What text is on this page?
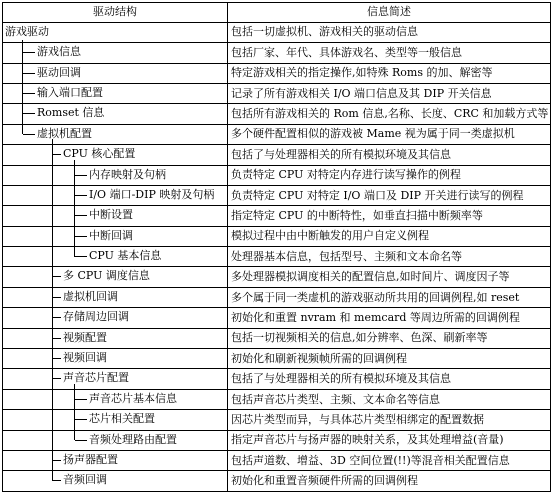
驱动结构	信息简述

游戏驱动	包括一切虚拟机、游戏相关的驱动信息

游戏信息	包括厂家、年代、具体游戏名、类型等一般信息

驱动回调	特定游戏相关的指定操作,如特殊 Roms 的加、解密等

输入端口配置	记录了所有游戏相关 I/O 端口信息及其 DIP 开关信息

Romset 信息	包括所有游戏相关的 Rom 信息,名称、长度、CRC 和加载方式等

虚拟机配置	多个硬件配置相似的游戏被 Mame 视为属于同一类虚拟机

CPU 核心配置	包括了与处理器相关的所有模拟环境及其信息

内存映射及句柄	负责特定 CPU 对特定内存进行读写操作的例程

I/O 端口-DIP 映射及句柄	负责特定 CPU 对特定 I/O 端口及 DIP 开关进行读写的例程

中断设置	指定特定 CPU 的中断特性，如垂直扫描中断频率等

中断回调	模拟过程中由中断触发的用户自定义例程

CPU 基本信息	处理器基本信息，包括型号、主频和文本命名等

多 CPU 调度信息	多处理器模拟调度相关的配置信息,如时间片、调度因子等

虚拟机回调	多个属于同一类虚机的游戏驱动所共用的回调例程,如 reset

存储周边回调	初始化和重置 nvram 和 memcard 等周边所需的回调例程

视频配置	包括一切视频相关的信息,如分辨率、色深、刷新率等

视频回调	初始化和刷新视频帧所需的回调例程

声音芯片配置	包括了与处理器相关的所有模拟环境及其信息

声音芯片基本信息	包括声音芯片类型、主频、文本命名等信息

芯片相关配置	因芯片类型而异，与具体芯片类型相绑定的配置数据

音频处理路由配置	指定声音芯片与扬声器的映射关系，及其处理增益(音量)

扬声器配置	包括声道数、增益、3D 空间位置(!!)等混音相关配置信息

音频回调	初始化和重置音频硬件所需的回调例程
